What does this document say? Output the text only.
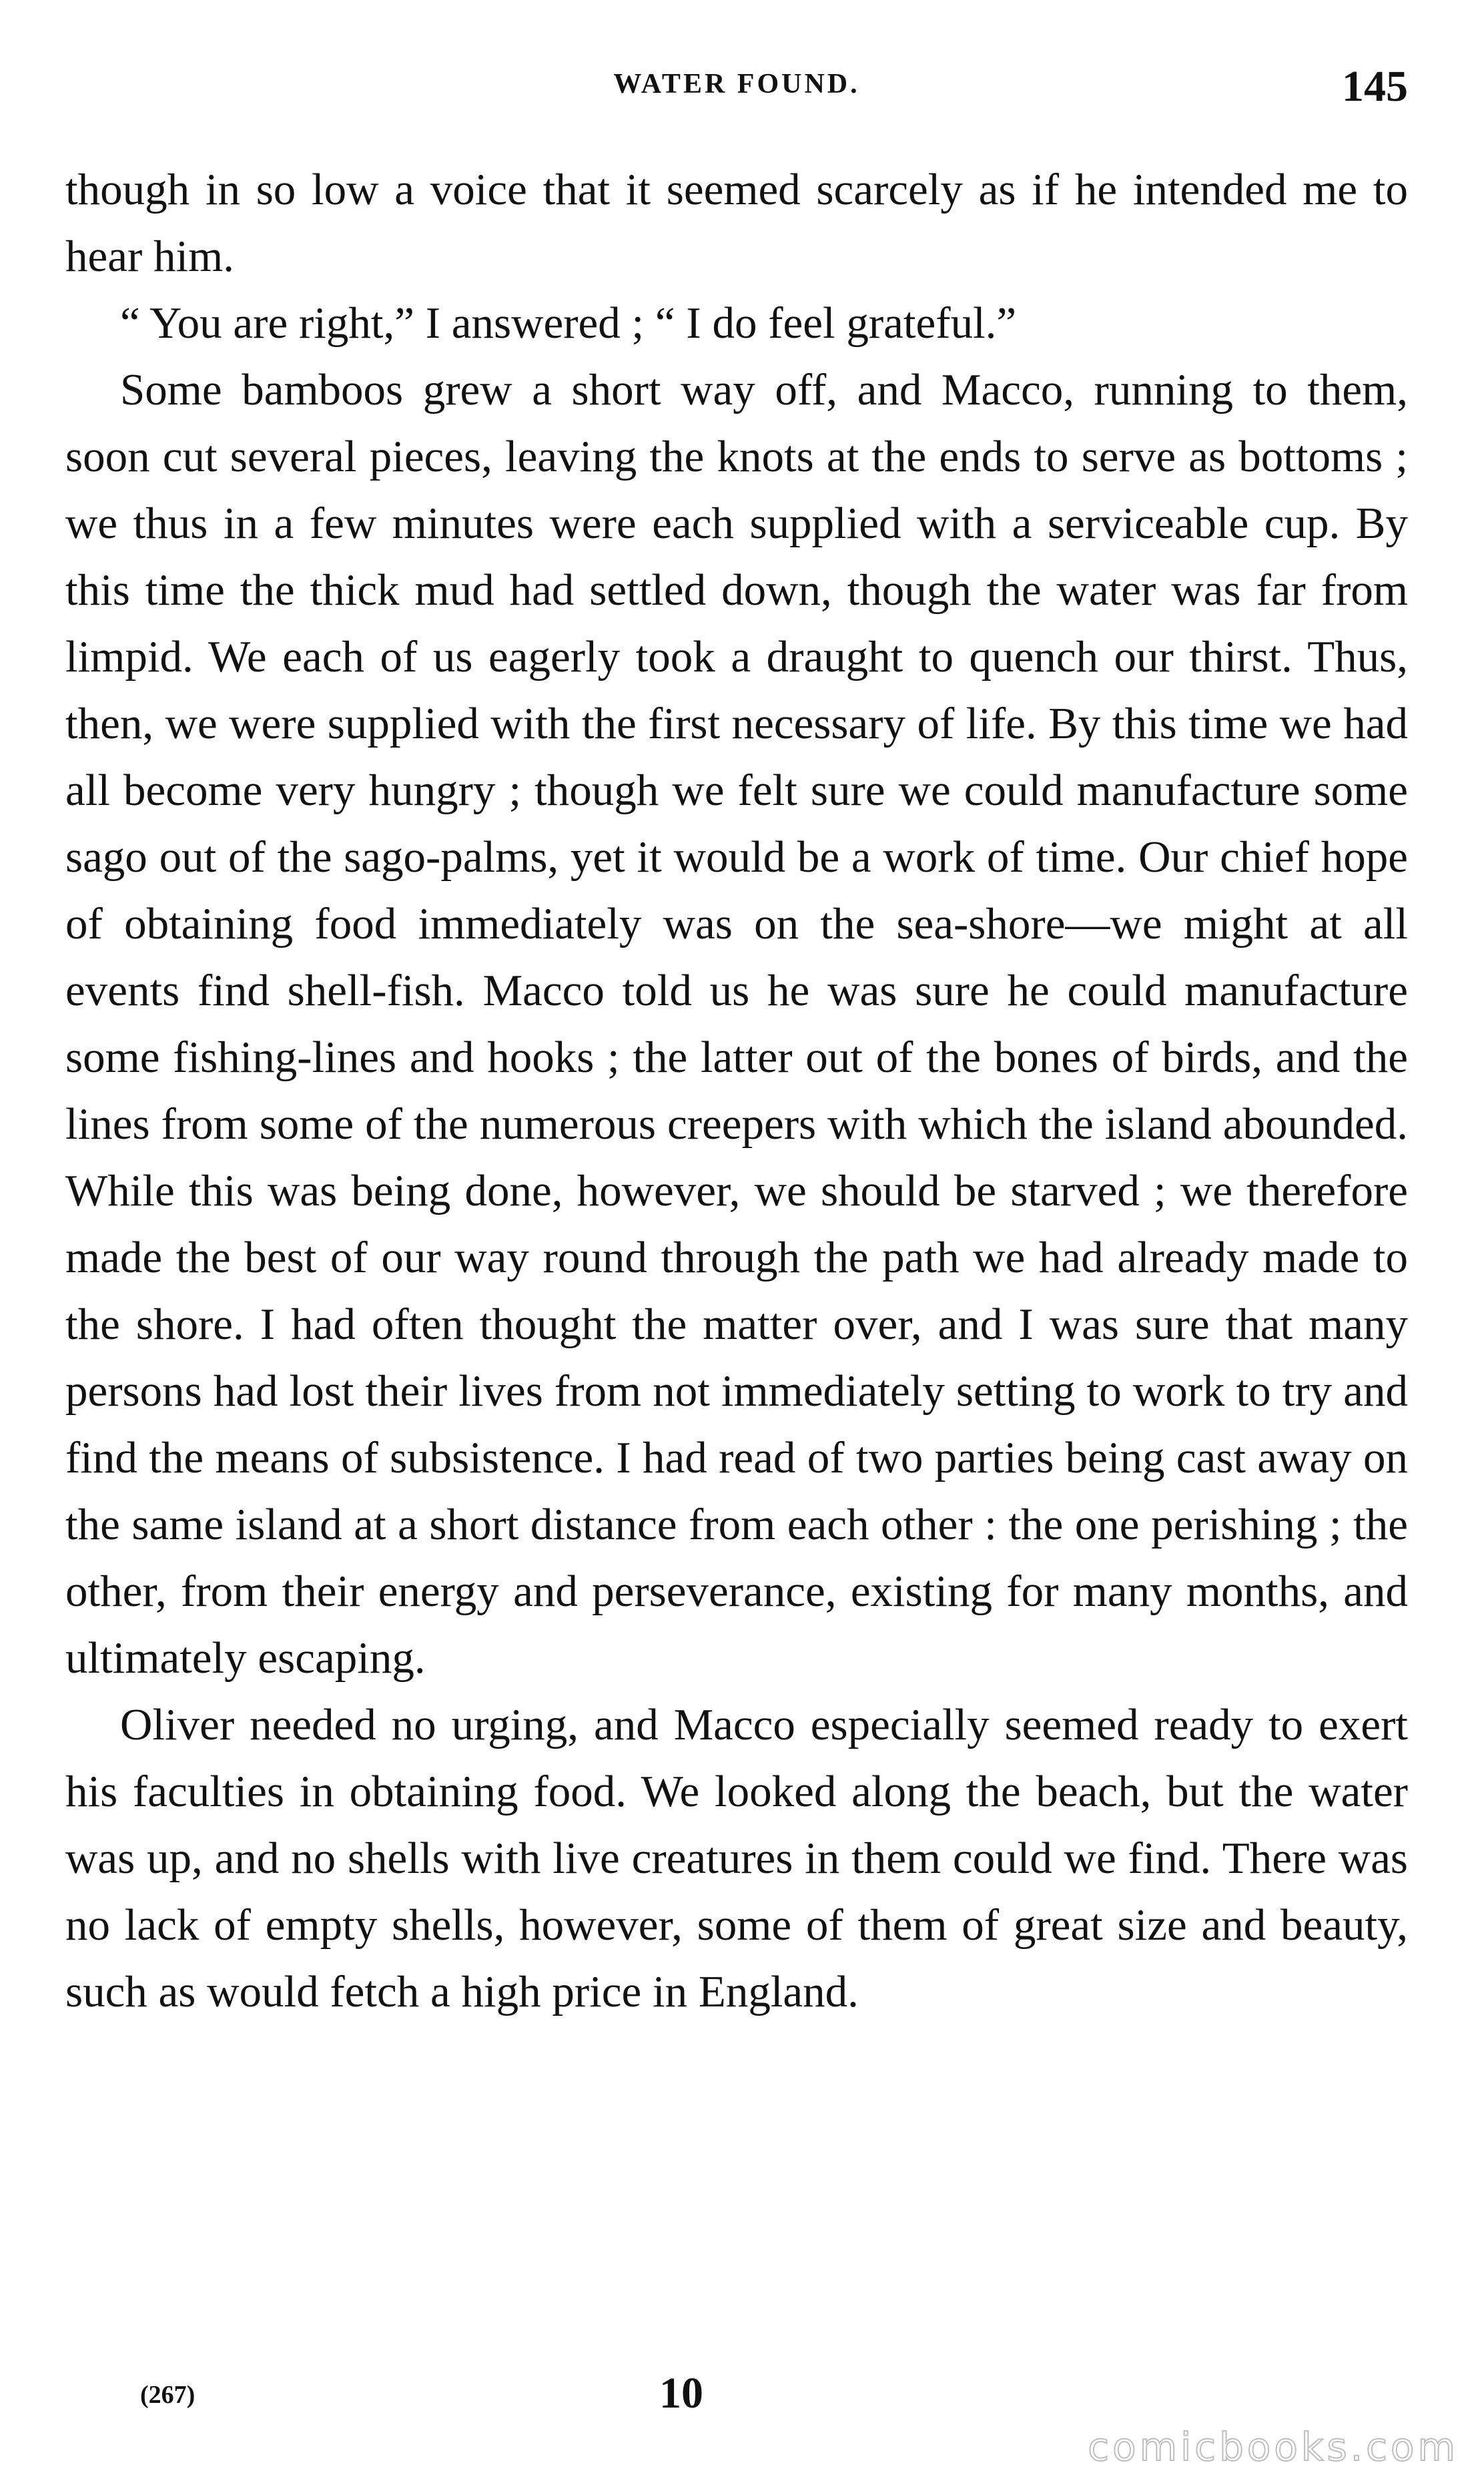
WATER FOUND.	145

though in so low a voice that it seemed scarcely as if he intended me to hear him.

“ You are right,” I answered ; “ I do feel grateful.”

Some bamboos grew a short way off, and Macco, running to them, soon cut several pieces, leaving the knots at the ends to serve as bottoms ; we thus in a few minutes were each supplied with a serviceable cup. By this time the thick mud had settled down, though the water was far from limpid. We each of us eagerly took a draught to quench our thirst. Thus, then, we were supplied with the first necessary of life. By this time we had all become very hungry ; though we felt sure we could manufacture some sago out of the sago-palms, yet it would be a work of time. Our chief hope of obtaining food immediately was on the sea-shore—we might at all events find shell-fish. Macco told us he was sure he could manufacture some fishing-lines and hooks ; the latter out of the bones of birds, and the lines from some of the numerous creepers with which the island abounded. While this was being done, however, we should be starved ; we therefore made the best of our way round through the path we had already made to the shore. I had often thought the matter over, and I was sure that many persons had lost their lives from not immediately setting to work to try and find the means of subsistence. I had read of two parties being cast away on the same island at a short distance from each other : the one perishing ; the other, from their energy and perseverance, existing for many months, and ultimately escaping.

Oliver needed no urging, and Macco especially seemed ready to exert his faculties in obtaining food. We looked along the beach, but the water was up, and no shells with live creatures in them could we find. There was no lack of empty shells, however, some of them of great size and beauty, such as would fetch a high price in England.

(267)	10
comicbooks.com
